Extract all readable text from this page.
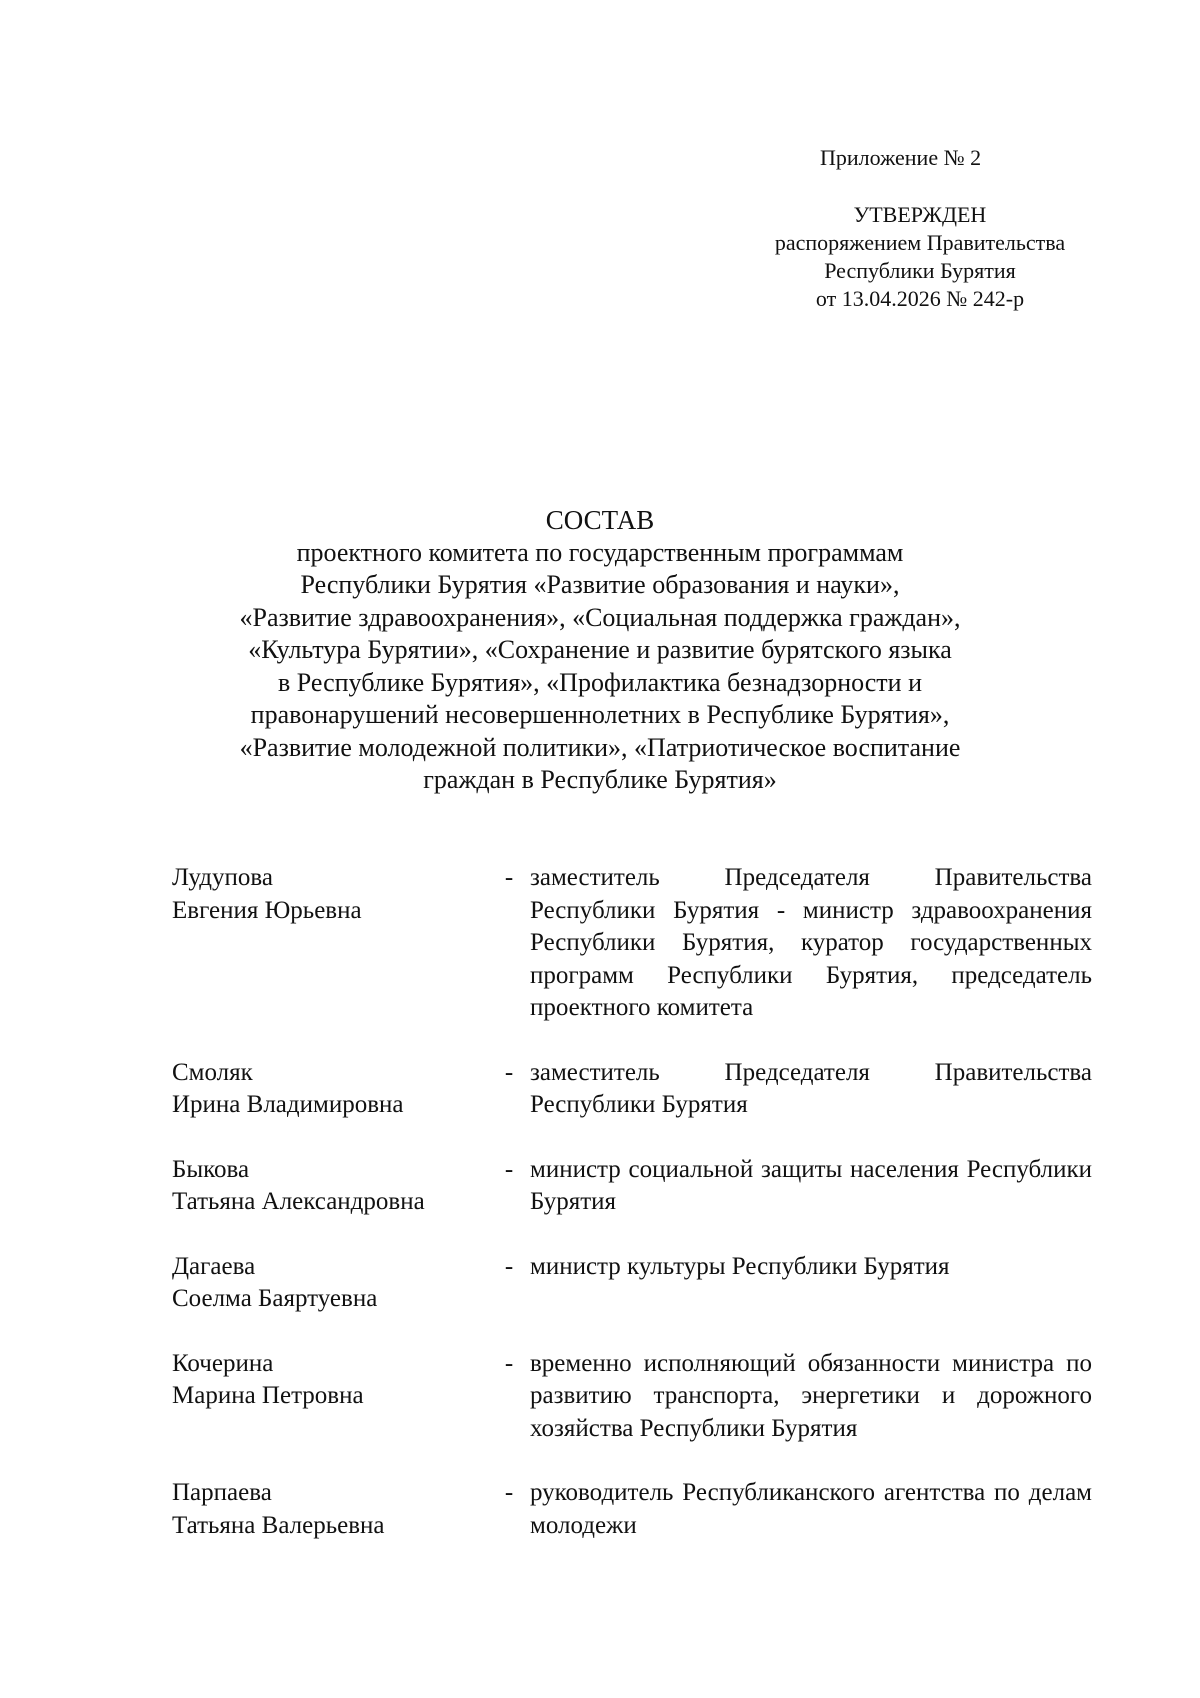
Приложение № 2
УТВЕРЖДЕН
распоряжением Правительства
Республики Бурятия
от 13.04.2026 № 242-р
СОСТАВ
проектного комитета по государственным программам
Республики Бурятия «Развитие образования и науки»,
«Развитие здравоохранения», «Социальная поддержка граждан»,
«Культура Бурятии», «Сохранение и развитие бурятского языка
в Республике Бурятия», «Профилактика безнадзорности и
правонарушений несовершеннолетних в Республике Бурятия»,
«Развитие молодежной политики», «Патриотическое воспитание
граждан в Республике Бурятия»
Лудупова
Евгения Юрьевна
- заместитель Председателя Правительства Республики Бурятия - министр здравоохранения Республики Бурятия, куратор государственных программ Республики Бурятия, председатель проектного комитета
Смоляк
Ирина Владимировна
- заместитель Председателя Правительства Республики Бурятия
Быкова
Татьяна Александровна
- министр социальной защиты населения Республики Бурятия
Дагаева
Соелма Баяртуевна
- министр культуры Республики Бурятия
Кочерина
Марина Петровна
- временно исполняющий обязанности министра по развитию транспорта, энергетики и дорожного хозяйства Республики Бурятия
Парпаева
Татьяна Валерьевна
- руководитель Республиканского агентства по делам молодежи
